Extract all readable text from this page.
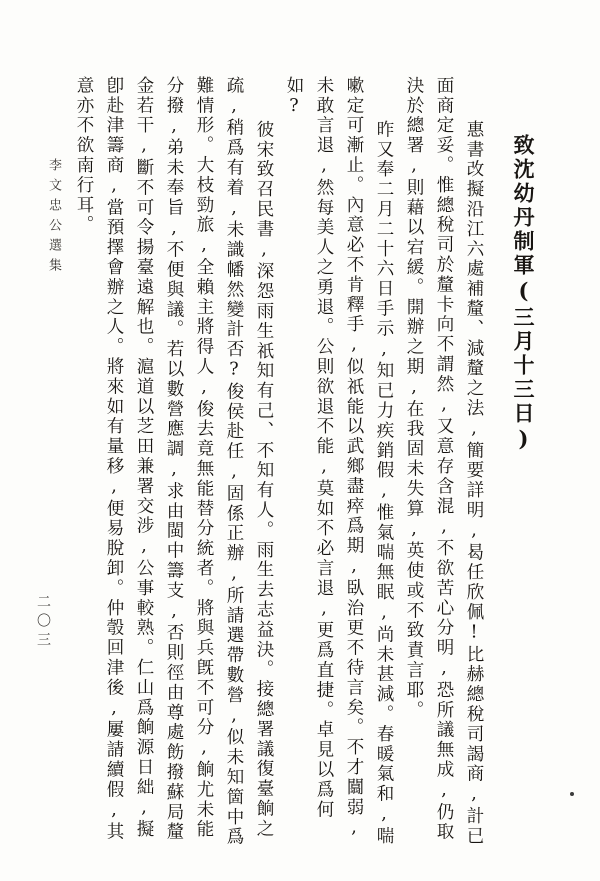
致沈幼丹制軍(三月十三日)
惠書改擬沿江六處補釐、減釐之法,簡要詳明,曷任欣佩!比赫總稅司謁商,計已
面商定妥。惟總稅司於釐卡向不謂然,又意存含混,不欲苦心分明,恐所議無成,仍取
決於總署,則藉以宕緩。開辦之期,在我固未失算,英使或不致責言耶。
昨又奉二月二十六日手示,知已力疾銷假,惟氣喘無眠,尚未甚減。春暖氣和,喘
嗽定可漸止。內意必不肯釋手,似祇能以武鄉盡瘁爲期,臥治更不待言矣。不才闒弱,
未敢言退,然每美人之勇退。公則欲退不能,莫如不必言退,更爲直捷。卓見以爲何
如?
彼宋致召民書,深怨雨生祇知有己、不知有人。雨生去志益決。接總署議復臺餉之
疏,稍爲有着,未識幡然變計否?俊侯赴任,固係正辦,所請選帶數營,似未知箇中爲
難情形。大枝勁旅,全賴主將得人,俊去竟無能替分統者。將與兵旣不可分,餉尤未能
分撥,弟未奉旨,不便與議。若以數營應調,求由閩中籌支,否則徑由尊處飭撥蘇局釐
金若干,斷不可令揚臺遠解也。滬道以芝田兼署交涉,公事較熟。仁山爲餉源日絀,擬
卽赴津籌商,當預擇會辦之人。將來如有量移,便易脫卸。仲彀回津後,屢請續假,其
意亦不欲南行耳。
李文忠公選集
二〇三
